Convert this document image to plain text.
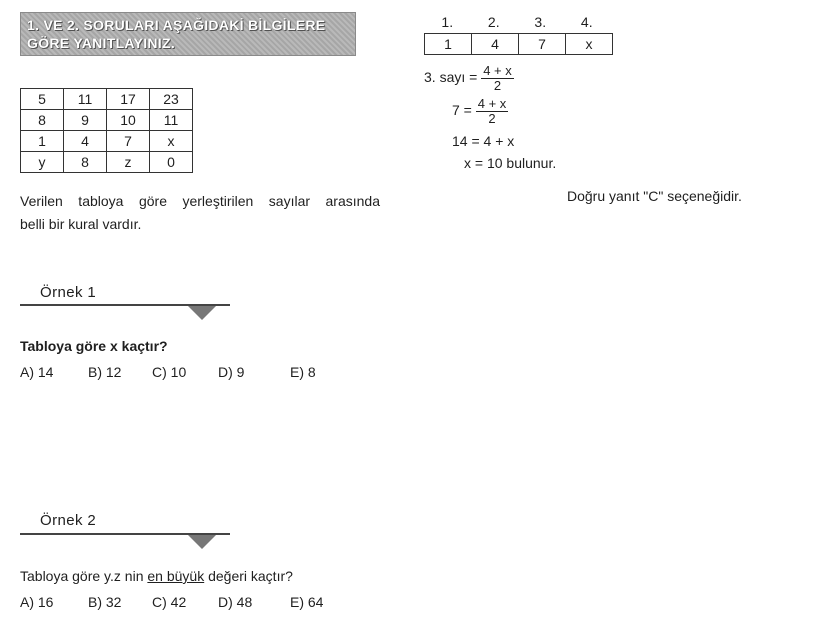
1. VE 2. SORULARI AŞAĞIDAKİ BİLGİLERE
GÖRE YANITLAYINIZ.
5	11	17	23
8	9	10	11
1	4	7	x
y	8	z	0
Verilen tabloya göre yerleştirilen sayılar arasında
belli bir kural vardır.
Örnek 1
Tabloya göre x kaçtır?
A) 14 B) 12 C) 10 D) 9	E) 8
Örnek 2
Tabloya göre y.z nin en büyük değeri kaçtır?
A) 16 B) 32 C) 42 D) 48	E) 64
1.	2.	3.	4.
1	4	7	x
3. sayı = $\frac{4 + x}{2}$
$7 = \frac{4 + x}{2}$
14 = 4 + x
x = 10 bulunur.
Doğru yanıt "C" seçeneğidir.
